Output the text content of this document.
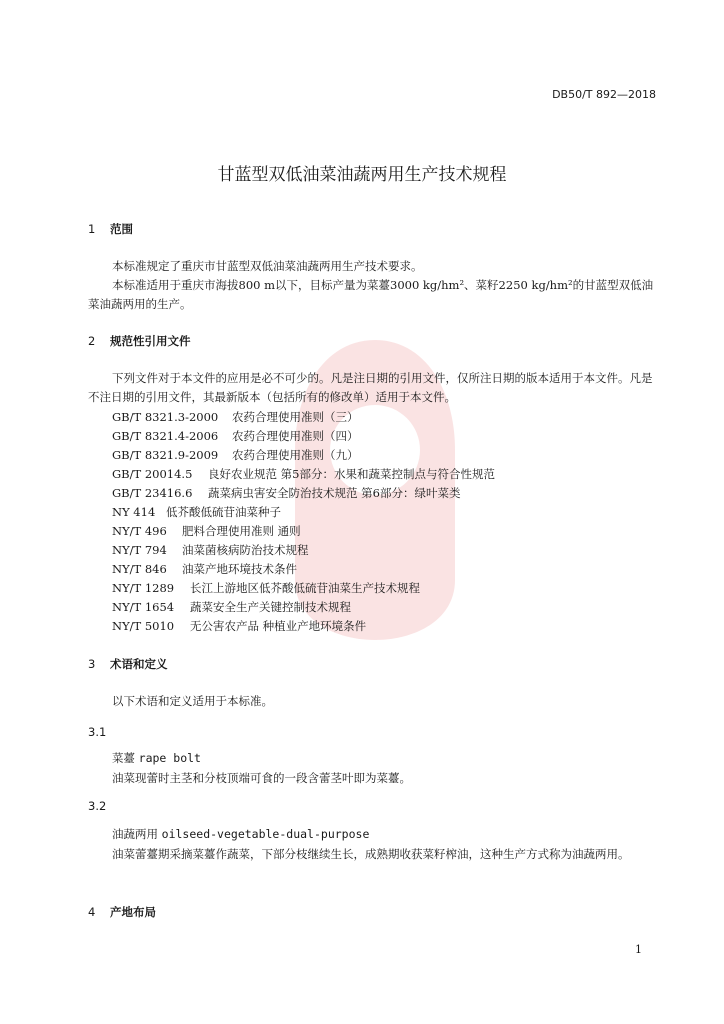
DB50/T 892—2018
甘蓝型双低油菜油蔬两用生产技术规程
1 范围
本标准规定了重庆市甘蓝型双低油菜油蔬两用生产技术要求。
本标准适用于重庆市海拔800 m以下，目标产量为菜薹3000 kg/hm²、菜籽2250 kg/hm²的甘蓝型双低油菜油蔬两用的生产。
2 规范性引用文件
下列文件对于本文件的应用是必不可少的。凡是注日期的引用文件，仅所注日期的版本适用于本文件。凡是不注日期的引用文件，其最新版本（包括所有的修改单）适用于本文件。
GB/T 8321.3-2000 农药合理使用准则（三）
GB/T 8321.4-2006 农药合理使用准则（四）
GB/T 8321.9-2009 农药合理使用准则（九）
GB/T 20014.5 良好农业规范 第5部分：水果和蔬菜控制点与符合性规范
GB/T 23416.6 蔬菜病虫害安全防治技术规范 第6部分：绿叶菜类
NY 414 低芥酸低硫苷油菜种子
NY/T 496 肥料合理使用准则 通则
NY/T 794 油菜菌核病防治技术规程
NY/T 846 油菜产地环境技术条件
NY/T 1289 长江上游地区低芥酸低硫苷油菜生产技术规程
NY/T 1654 蔬菜安全生产关键控制技术规程
NY/T 5010 无公害农产品 种植业产地环境条件
3 术语和定义
以下术语和定义适用于本标准。
3.1
菜薹 rape bolt
油菜现蕾时主茎和分枝顶端可食的一段含蕾茎叶即为菜薹。
3.2
油蔬两用 oilseed-vegetable-dual-purpose
油菜蕾薹期采摘菜薹作蔬菜，下部分枝继续生长，成熟期收获菜籽榨油，这种生产方式称为油蔬两用。
4 产地布局
1
